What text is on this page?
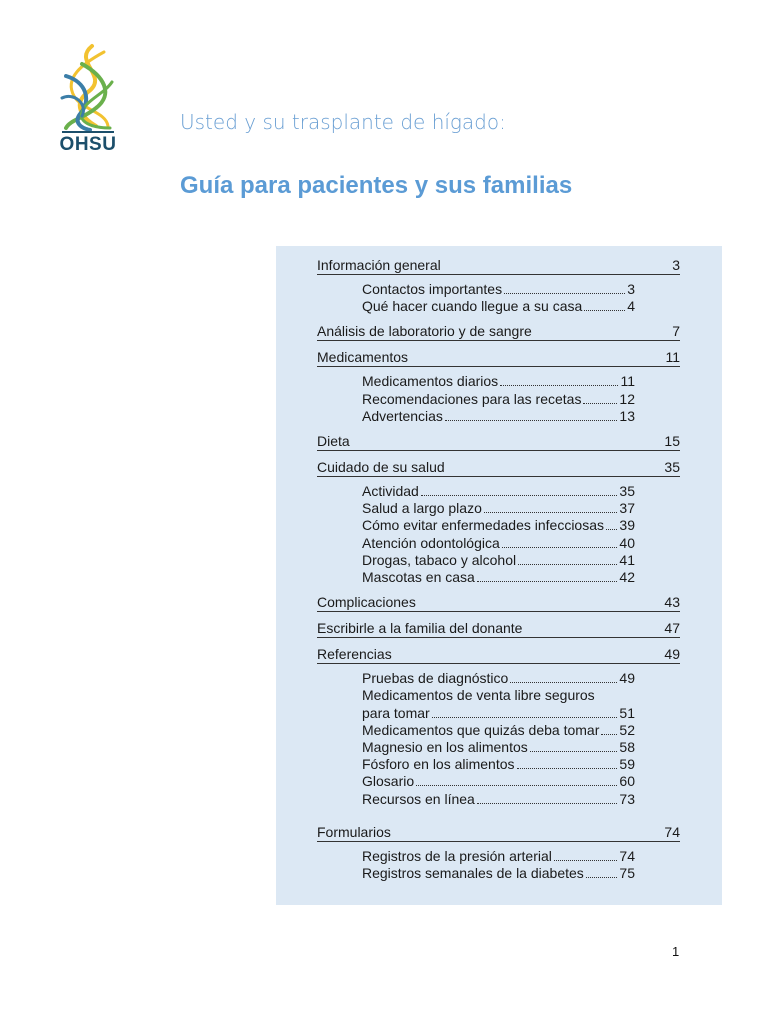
OHSU
Usted y su trasplante de hígado:
Guía para pacientes y sus familias
Información general	3
Contactos importantes	3
Qué hacer cuando llegue a su casa	4
Análisis de laboratorio y de sangre	7
Medicamentos	11
Medicamentos diarios	11
Recomendaciones para las recetas	12
Advertencias	13
Dieta	15
Cuidado de su salud	35
Actividad	35
Salud a largo plazo	37
Cómo evitar enfermedades infecciosas 39
Atención odontológica	40
Drogas, tabaco y alcohol	41
Mascotas en casa	42
Complicaciones	43
Escribirle a la familia del donante	47
Referencias	49
Pruebas de diagnóstico	49
Medicamentos de venta libre seguros
para tomar	51
Medicamentos que quizás deba tomar 52
Magnesio en los alimentos	58
Fósforo en los alimentos	59
Glosario	60
Recursos en línea	73
Formularios	74
Registros de la presión arterial	74
Registros semanales de la diabetes	75
1
